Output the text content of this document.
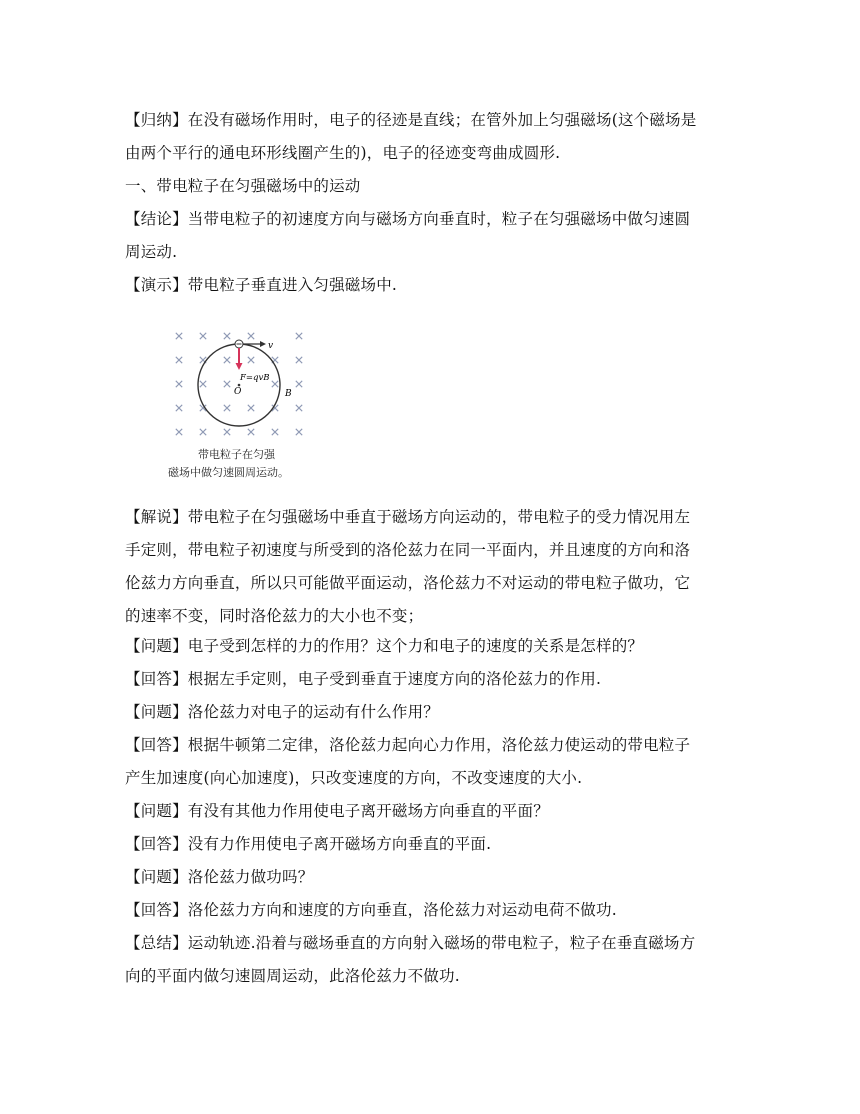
【归纳】在没有磁场作用时，电子的径迹是直线；在管外加上匀强磁场(这个磁场是
由两个平行的通电环形线圈产生的)，电子的径迹变弯曲成圆形.
一、带电粒子在匀强磁场中的运动
【结论】当带电粒子的初速度方向与磁场方向垂直时，粒子在匀强磁场中做匀速圆
周运动.
【演示】带电粒子垂直进入匀强磁场中.
v
F=qvB
O	B
带电粒子在匀强
磁场中做匀速圆周运动。
【解说】带电粒子在匀强磁场中垂直于磁场方向运动的，带电粒子的受力情况用左
手定则，带电粒子初速度与所受到的洛伦兹力在同一平面内，并且速度的方向和洛
伦兹力方向垂直，所以只可能做平面运动，洛伦兹力不对运动的带电粒子做功，它
的速率不变，同时洛伦兹力的大小也不变；
【问题】电子受到怎样的力的作用？这个力和电子的速度的关系是怎样的？
【回答】根据左手定则，电子受到垂直于速度方向的洛伦兹力的作用.
【问题】洛伦兹力对电子的运动有什么作用？
【回答】根据牛顿第二定律，洛伦兹力起向心力作用，洛伦兹力使运动的带电粒子
产生加速度(向心加速度)，只改变速度的方向，不改变速度的大小.
【问题】有没有其他力作用使电子离开磁场方向垂直的平面？
【回答】没有力作用使电子离开磁场方向垂直的平面.
【问题】洛伦兹力做功吗？
【回答】洛伦兹力方向和速度的方向垂直，洛伦兹力对运动电荷不做功.
【总结】运动轨迹.沿着与磁场垂直的方向射入磁场的带电粒子，粒子在垂直磁场方
向的平面内做匀速圆周运动，此洛伦兹力不做功.
